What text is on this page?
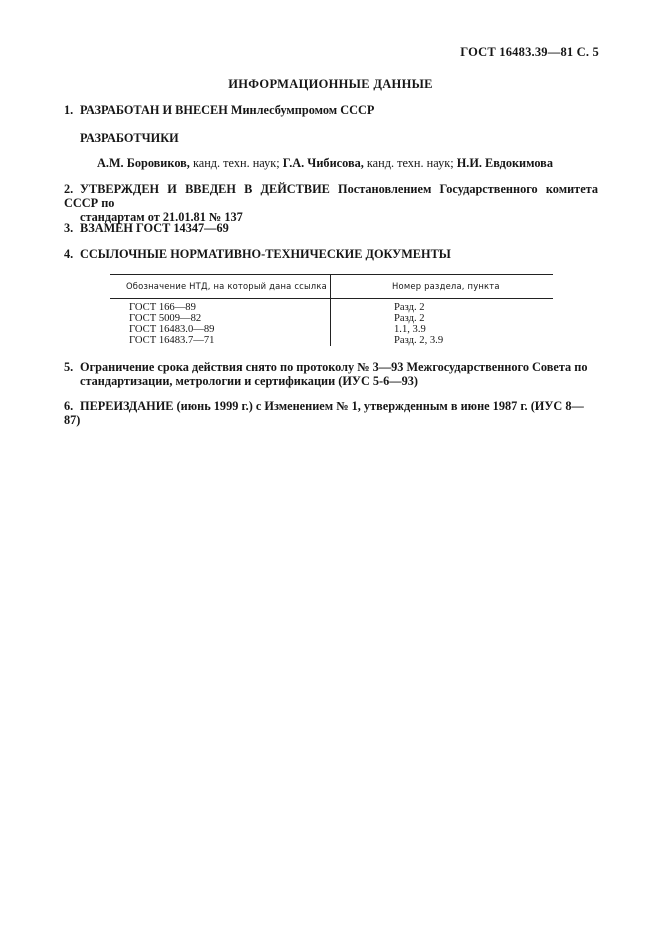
ГОСТ 16483.39—81 С. 5
ИНФОРМАЦИОННЫЕ ДАННЫЕ
1. РАЗРАБОТАН И ВНЕСЕН Минлесбумпромом СССР
РАЗРАБОТЧИКИ
А.М. Боровиков, канд. техн. наук; Г.А. Чибисова, канд. техн. наук; Н.И. Евдокимова
2. УТВЕРЖДЕН И ВВЕДЕН В ДЕЙСТВИЕ Постановлением Государственного комитета СССР по
стандартам от 21.01.81 № 137
3. ВЗАМЕН ГОСТ 14347—69
4. ССЫЛОЧНЫЕ НОРМАТИВНО-ТЕХНИЧЕСКИЕ ДОКУМЕНТЫ
Обозначение НТД, на который дана ссылка	Номер раздела, пункта
ГОСТ 166—89	Разд. 2
ГОСТ 5009—82	Разд. 2
ГОСТ 16483.0—89	1.1, 3.9
ГОСТ 16483.7—71	Разд. 2, 3.9
5. Ограничение срока действия снято по протоколу № 3—93 Межгосударственного Совета по
стандартизации, метрологии и сертификации (ИУС 5-6—93)
6. ПЕРЕИЗДАНИЕ (июнь 1999 г.) с Изменением № 1, утвержденным в июне 1987 г. (ИУС 8—87)
